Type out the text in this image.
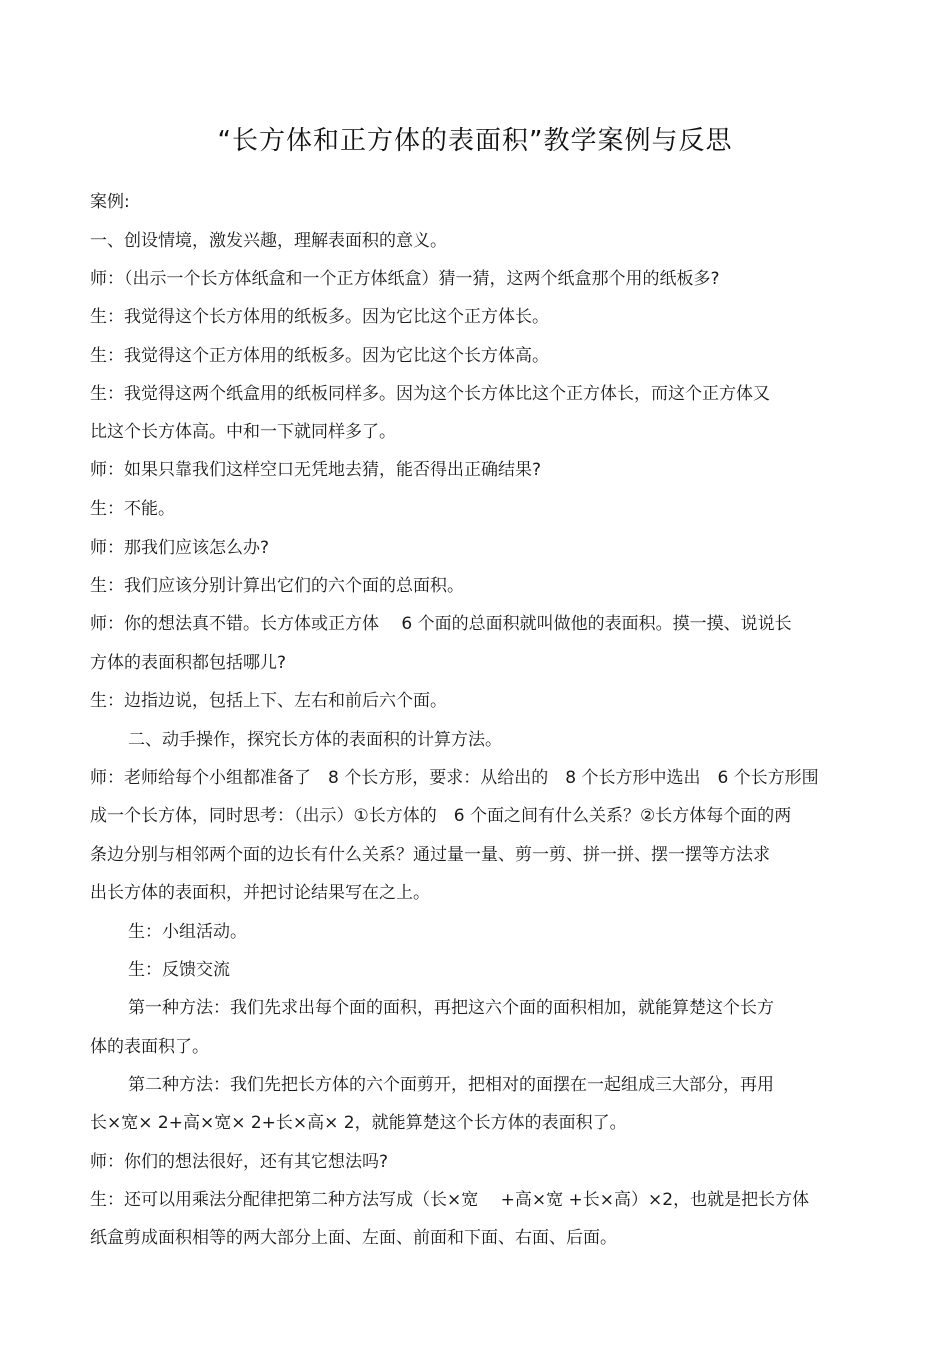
“长方体和正方体的表面积”教学案例与反思
案例:
一、创设情境，激发兴趣，理解表面积的意义。
师：（出示一个长方体纸盒和一个正方体纸盒）猜一猜，这两个纸盒那个用的纸板多?
生：我觉得这个长方体用的纸板多。因为它比这个正方体长。
生：我觉得这个正方体用的纸板多。因为它比这个长方体高。
生：我觉得这两个纸盒用的纸板同样多。因为这个长方体比这个正方体长，而这个正方体又
比这个长方体高。中和一下就同样多了。
师：如果只靠我们这样空口无凭地去猜，能否得出正确结果?
生：不能。
师：那我们应该怎么办?
生：我们应该分别计算出它们的六个面的总面积。
师：你的想法真不错。长方体或正方体　 6 个面的总面积就叫做他的表面积。摸一摸、说说长
方体的表面积都包括哪儿?
生：边指边说，包括上下、左右和前后六个面。
二、动手操作，探究长方体的表面积的计算方法。
师：老师给每个小组都准备了　8 个长方形，要求：从给出的　8 个长方形中选出　6 个长方形围
成一个长方体，同时思考：（出示）①长方体的　6 个面之间有什么关系？②长方体每个面的两
条边分别与相邻两个面的边长有什么关系？通过量一量、剪一剪、拼一拼、摆一摆等方法求
出长方体的表面积，并把讨论结果写在之上。
生：小组活动。
生：反馈交流
第一种方法：我们先求出每个面的面积，再把这六个面的面积相加，就能算楚这个长方
体的表面积了。
第二种方法：我们先把长方体的六个面剪开，把相对的面摆在一起组成三大部分，再用
长×宽× 2+高×宽× 2+长×高× 2，就能算楚这个长方体的表面积了。
师：你们的想法很好，还有其它想法吗?
生：还可以用乘法分配律把第二种方法写成（长×宽　 +高×宽 +长×高）×2，也就是把长方体
纸盒剪成面积相等的两大部分上面、左面、前面和下面、右面、后面。
